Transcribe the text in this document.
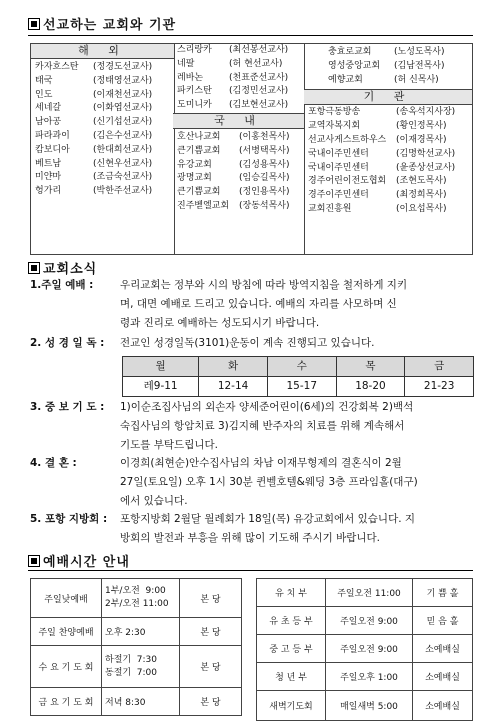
선교하는 교회와 기관
해 외
카자흐스탄	(정경도선교사)
태국	(정태영선교사)
인도	(이재천선교사)
세네갈	(이화엽선교사)
남아공	(신기섭선교사)
파라과이	(김은수선교사)
캄보디아	(한대희선교사)
베트남	(신현우선교사)
미얀마	(조금숙선교사)
헝가리	(박한주선교사)
스리랑카	(최선봉선교사)
네팔	(허 현선교사)
레바논	(천표준선교사)
파키스탄	(김정민선교사)
도미니카	(김보현선교사)
국 내
호산나교회	(이홍천목사)
큰기쁨교회	(서병택목사)
유강교회	(김성용목사)
광명교회	(임승길목사)
큰기쁨교회	(정인용목사)
진주벧엘교회	(장동석목사)
충효로교회	(노성도목사)
영성중앙교회	(김남전목사)
예향교회	(허 신목사)
기 관
포항극동방송	(송옥석지사장)
교역자복지회	(황인정목사)
선교사게스트하우스	(이재경목사)
국내이주민센터	(김명학선교사)
국내이주민센터	(윤종상선교사)
경주어린이전도협회	(조현도목사)
경주이주민센터	(최정희목사)
교회진흥원	(이요섭목사)
교회소식
1.주일 예배 :	우리교회는 정부와 시의 방침에 따라 방역지침을 철저하게 지키
며, 대면 예배로 드리고 있습니다. 예배의 자리를 사모하며 신
령과 진리로 예배하는 성도되시기 바랍니다.
2. 성 경 일 독 : 전교인 성경일독(3101)운동이 계속 진행되고 있습니다.
월	화	수	목	금
레9-11	12-14	15-17	18-20	21-23
3. 중 보 기 도 : 1)이순조집사님의 외손자 양세준어린이(6세)의 건강회복 2)백석
숙집사님의 항암치료 3)김지혜 반주자의 치료를 위해 계속해서
기도를 부탁드립니다.
4. 결 혼 :	이경희(최현순)안수집사님의 차남 이재무형제의 결혼식이 2월
27일(토요일) 오후 1시 30분 퀸벨호텔&웨딩 3층 프라임홀(대구)
에서 있습니다.
5. 포항 지방회 : 포항지방회 2월달 월례회가 18일(목) 유강교회에서 있습니다. 지
방회의 발전과 부흥을 위해 많이 기도해 주시기 바랍니다.
예배시간 안내
주일낮예배	1부/오전  9:00
2부/오전 11:00	본 당
주일 찬양예배	오후 2:30	본 당
수 요 기 도 회	하절기  7:30
동절기  7:00	본 당
금 요 기 도 회	저녁 8:30	본 당
유 치 부	주일오전 11:00	기 쁨 홀
유 초 등 부	주일오전 9:00	믿 음 홀
중 고 등 부	주일오전 9:00	소예배실
청 년 부	주일오후 1:00	소예배실
새벽기도회	매일새벽 5:00	소예배실
